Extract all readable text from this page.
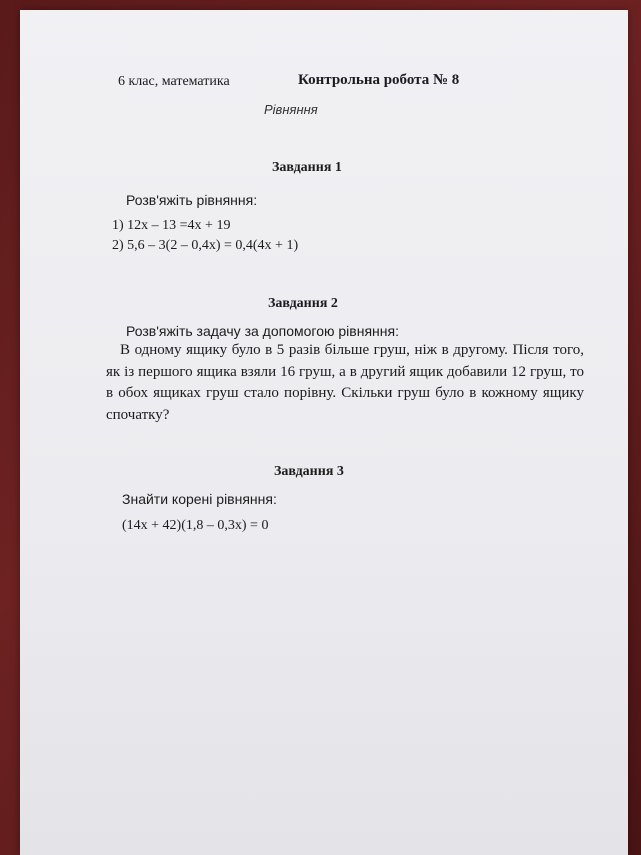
6 клас, математика	Контрольна робота № 8
Рівняння
Завдання 1
Розв'яжіть рівняння:
1) 12x – 13 =4x + 19
2) 5,6 – 3(2 – 0,4x) = 0,4(4x + 1)
Завдання 2
Розв'яжіть задачу за допомогою рівняння:
В одному ящику було в 5 разів більше груш, ніж в другому. Після того, як із першого ящика взяли 16 груш, а в другий ящик добавили 12 груш, то в обох ящиках груш стало порівну. Скільки груш було в кожному ящику спочатку?
Завдання 3
Знайти корені рівняння:
(14x + 42)(1,8 – 0,3x) = 0
